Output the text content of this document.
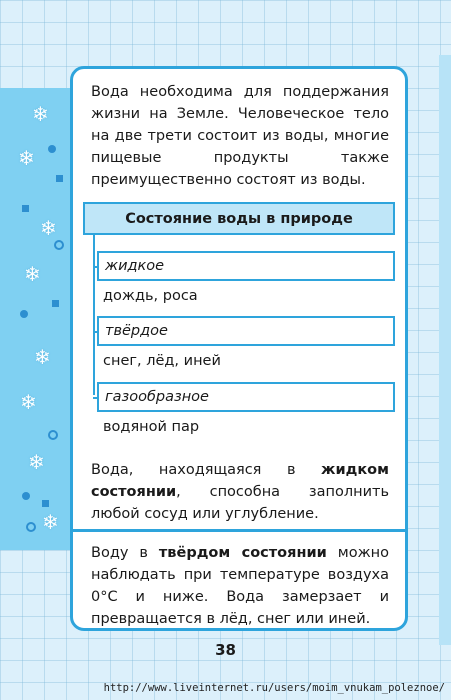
❄
❄
❄
❄
❄
❄
❄
❄
Вода необходима для поддержания жизни на Земле. Человеческое тело на две трети состоит из воды, многие пищевые продукты также преимущественно состоят из воды.
Состояние воды в природе
жидкое
дождь, роса
твёрдое
снег, лёд, иней
газообразное
водяной пар
Вода, находящаяся в жидком состоянии, способна заполнить любой сосуд или углубление.
Воду в твёрдом состоянии можно наблюдать при температуре воздуха 0°C и ниже. Вода замерзает и превращается в лёд, снег или иней.
38
http://www.liveinternet.ru/users/moim_vnukam_poleznoe/
